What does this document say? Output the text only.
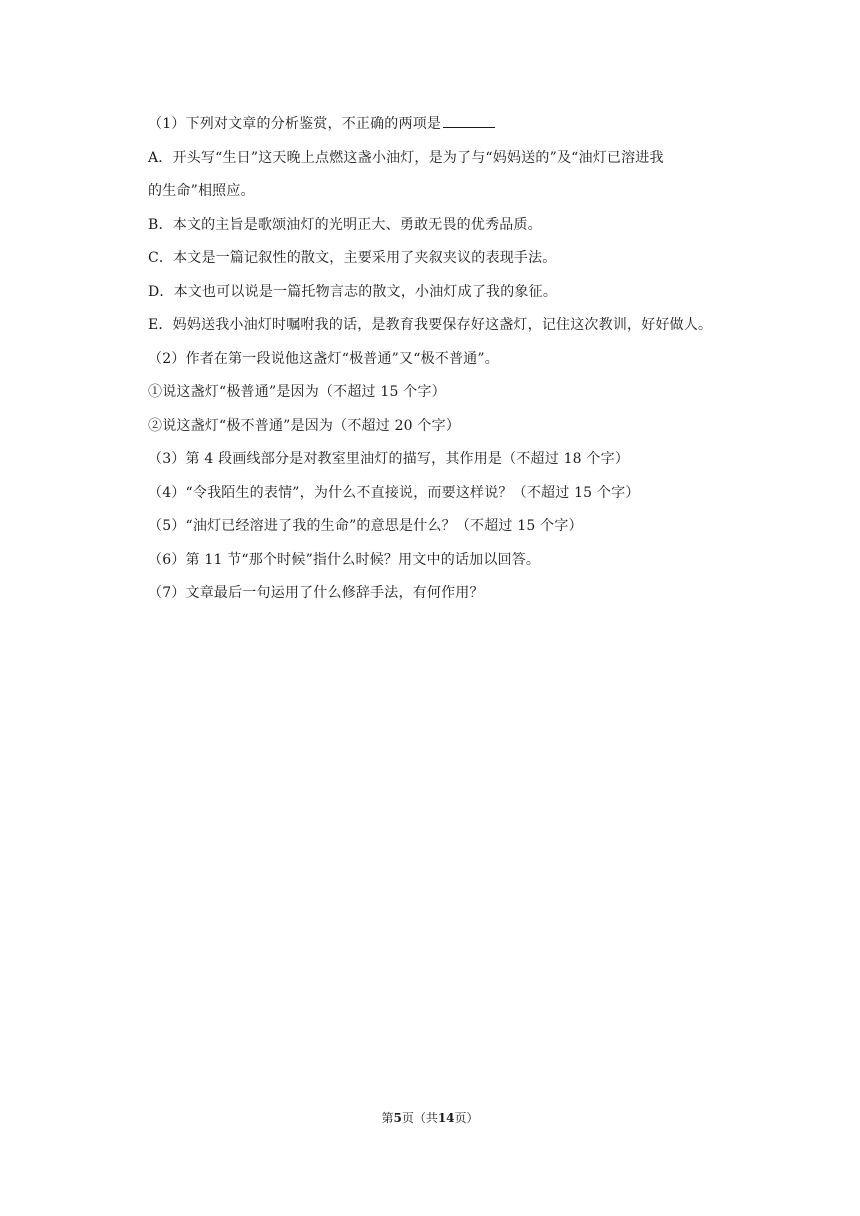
（1）下列对文章的分析鉴赏，不正确的两项是
A．开头写“生日”这天晚上点燃这盏小油灯，是为了与“妈妈送的”及“油灯已溶进我
的生命”相照应。
B．本文的主旨是歌颂油灯的光明正大、勇敢无畏的优秀品质。
C．本文是一篇记叙性的散文，主要采用了夹叙夹议的表现手法。
D．本文也可以说是一篇托物言志的散文，小油灯成了我的象征。
E．妈妈送我小油灯时嘱咐我的话，是教育我要保存好这盏灯，记住这次教训，好好做人。
（2）作者在第一段说他这盏灯“极普通”又“极不普通”。
①说这盏灯“极普通”是因为（不超过 15 个字）
②说这盏灯“极不普通”是因为（不超过 20 个字）
（3）第 4 段画线部分是对教室里油灯的描写，其作用是（不超过 18 个字）
（4）“令我陌生的表情”，为什么不直接说，而要这样说？（不超过 15 个字）
（5）“油灯已经溶进了我的生命”的意思是什么？（不超过 15 个字）
（6）第 11 节“那个时候”指什么时候？用文中的话加以回答。
（7）文章最后一句运用了什么修辞手法，有何作用？
第5页（共14页）
